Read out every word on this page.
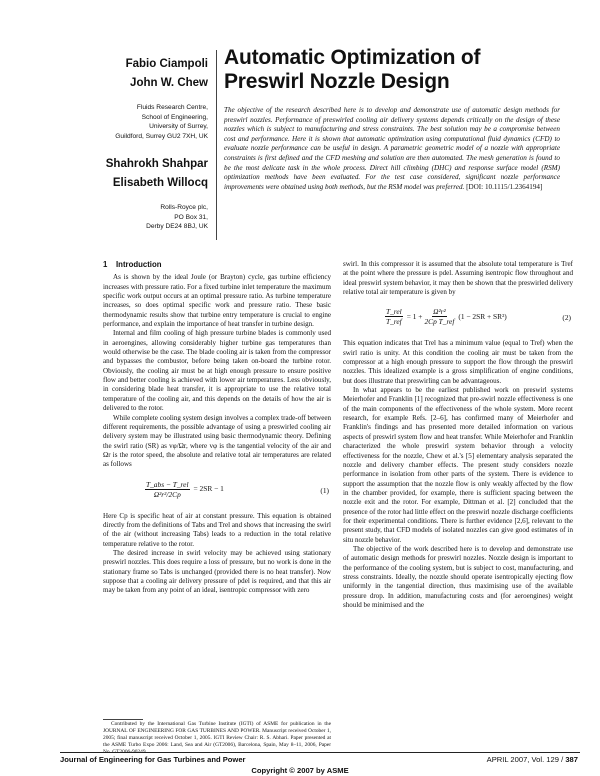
Fabio Ciampoli
John W. Chew
Fluids Research Centre,
School of Engineering,
University of Surrey,
Guildford, Surrey GU2 7XH, UK
Shahrokh Shahpar
Elisabeth Willocq
Rolls-Royce plc,
PO Box 31,
Derby DE24 8BJ, UK
Automatic Optimization of
Preswirl Nozzle Design
The objective of the research described here is to develop and demonstrate use of automatic design methods for preswirl nozzles. Performance of preswirled cooling air delivery systems depends critically on the design of these nozzles which is subject to manufacturing and stress constraints. The best solution may be a compromise between cost and performance. Here it is shown that automatic optimization using computational fluid dynamics (CFD) to evaluate nozzle performance can be useful in design. A parametric geometric model of a nozzle with appropriate constraints is first defined and the CFD meshing and solution are then automated. The mesh generation is found to be the most delicate task in the whole process. Direct hill climbing (DHC) and response surface model (RSM) optimization methods have been evaluated. For the test case considered, significant nozzle performance improvements were obtained using both methods, but the RSM model was preferred. [DOI: 10.1115/1.2364194]
1 Introduction

As is shown by the ideal Joule (or Brayton) cycle, gas turbine efficiency increases with pressure ratio. For a fixed turbine inlet temperature the maximum specific work output occurs at an optimal pressure ratio. As turbine temperature increases, so does optimal specific work and pressure ratio. These basic thermodynamic results show that turbine entry temperature is crucial to engine performance, and explain the importance of heat transfer in turbine design.

Internal and film cooling of high pressure turbine blades is commonly used in aeroengines, allowing considerably higher turbine gas temperatures than would otherwise be the case. The blade cooling air is taken from the compressor and bypasses the combustor, before being taken on-board the turbine rotor. Obviously, the cooling air must be at high enough pressure to ensure positive flow and better cooling is achieved with lower air temperatures. Less obviously, in considering blade heat transfer, it is appropriate to use the relative total temperature of the cooling air, and this depends on the details of how the air is delivered to the rotor.

While complete cooling system design involves a complex trade-off between different requirements, the possible advantage of using a preswirled cooling air delivery system may be illustrated using basic thermodynamic theory. Defining the swirl ratio (SR) as vφ/Ωr, where vφ is the tangential velocity of the air and Ωr is the rotor speed, the absolute and relative total air temperatures are related as follows

$\frac{\text{T\_abs − T\_rel}}{\text{Ω²r²/2Cp}} = 2SR - 1$	(1)

Here Cp is specific heat of air at constant pressure. This equation is obtained directly from the definitions of Tabs and Trel and shows that increasing the swirl of the air (without increasing Tabs) leads to a reduction in the total relative temperature relative to the rotor.

The desired increase in swirl velocity may be achieved using stationary preswirl nozzles. This does require a loss of pressure, but no work is done in the stationary frame so Tabs is unchanged (provided there is no heat transfer). Now suppose that a cooling air delivery pressure of pdel is required, and that this air may be taken from any point of an ideal, isentropic compressor with zero

swirl. In this compressor it is assumed that the absolute total temperature is Tref at the point where the pressure is pdel. Assuming isentropic flow throughout and ideal preswirl system behavior, it may then be shown that the preswirled delivery relative total air temperature is given by

$\frac{\text{T\_rel}}{\text{T\_ref}} = 1 + \frac{\text{Ω²r²}}{\text{2Cp T\_ref}} (1 - 2SR + SR^2)$	(2)

This equation indicates that Trel has a minimum value (equal to Tref) when the swirl ratio is unity. At this condition the cooling air must be taken from the compressor at a high enough pressure to support the flow through the preswirl nozzles. This idealized example is a gross simplification of engine conditions, but does illustrate that preswirling can be advantageous.

In what appears to be the earliest published work on preswirl systems Meierhofer and Franklin [1] recognized that pre-swirl nozzle effectiveness is one of the main components of the effectiveness of the whole system. More recent research, for example Refs. [2–6], has confirmed many of Meierhofer and Franklin's findings and has presented more detailed information on various aspects of preswirl system flow and heat transfer. While Meierhofer and Franklin characterized the whole preswirl system behavior through a velocity effectiveness for the nozzle, Chew et al.'s [5] elementary analysis separated the nozzle and delivery chamber effects. The present study considers nozzle performance in isolation from other parts of the system. There is evidence to support the assumption that the nozzle flow is only weakly affected by the flow in the chamber provided, for example, there is sufficient spacing between the nozzle exit and the rotor. For example, Dittman et al. [2] concluded that the presence of the rotor had little effect on the preswirl nozzle discharge coefficients for their experimental conditions. There is further evidence [2,6], relevant to the present study, that CFD models of isolated nozzles can give good estimates of in situ nozzle behavior.

The objective of the work described here is to develop and demonstrate use of automatic design methods for preswirl nozzles. Nozzle design is important to the performance of the cooling system, but is subject to cost, manufacturing, and stress constraints. Ideally, the nozzle should operate isentropically ejecting flow uniformly in the tangential direction, thus maximising use of the available pressure drop. In addition, manufacturing costs and (for aeroengines) weight should be minimised and the

Contributed by the International Gas Turbine Institute (IGTI) of ASME for publication in the JOURNAL OF ENGINEERING FOR GAS TURBINES AND POWER. Manuscript received October 1, 2005; final manuscript received October 1, 2005. IGTI Review Chair: R. S. Abhari. Paper presented at the ASME Turbo Expo 2006: Land, Sea and Air (GT2006), Barcelona, Spain, May 8–11, 2006, Paper
Journal of Engineering for Gas Turbines and Power	APRIL 2007, Vol. 129 / 387
Copyright © 2007 by ASME
